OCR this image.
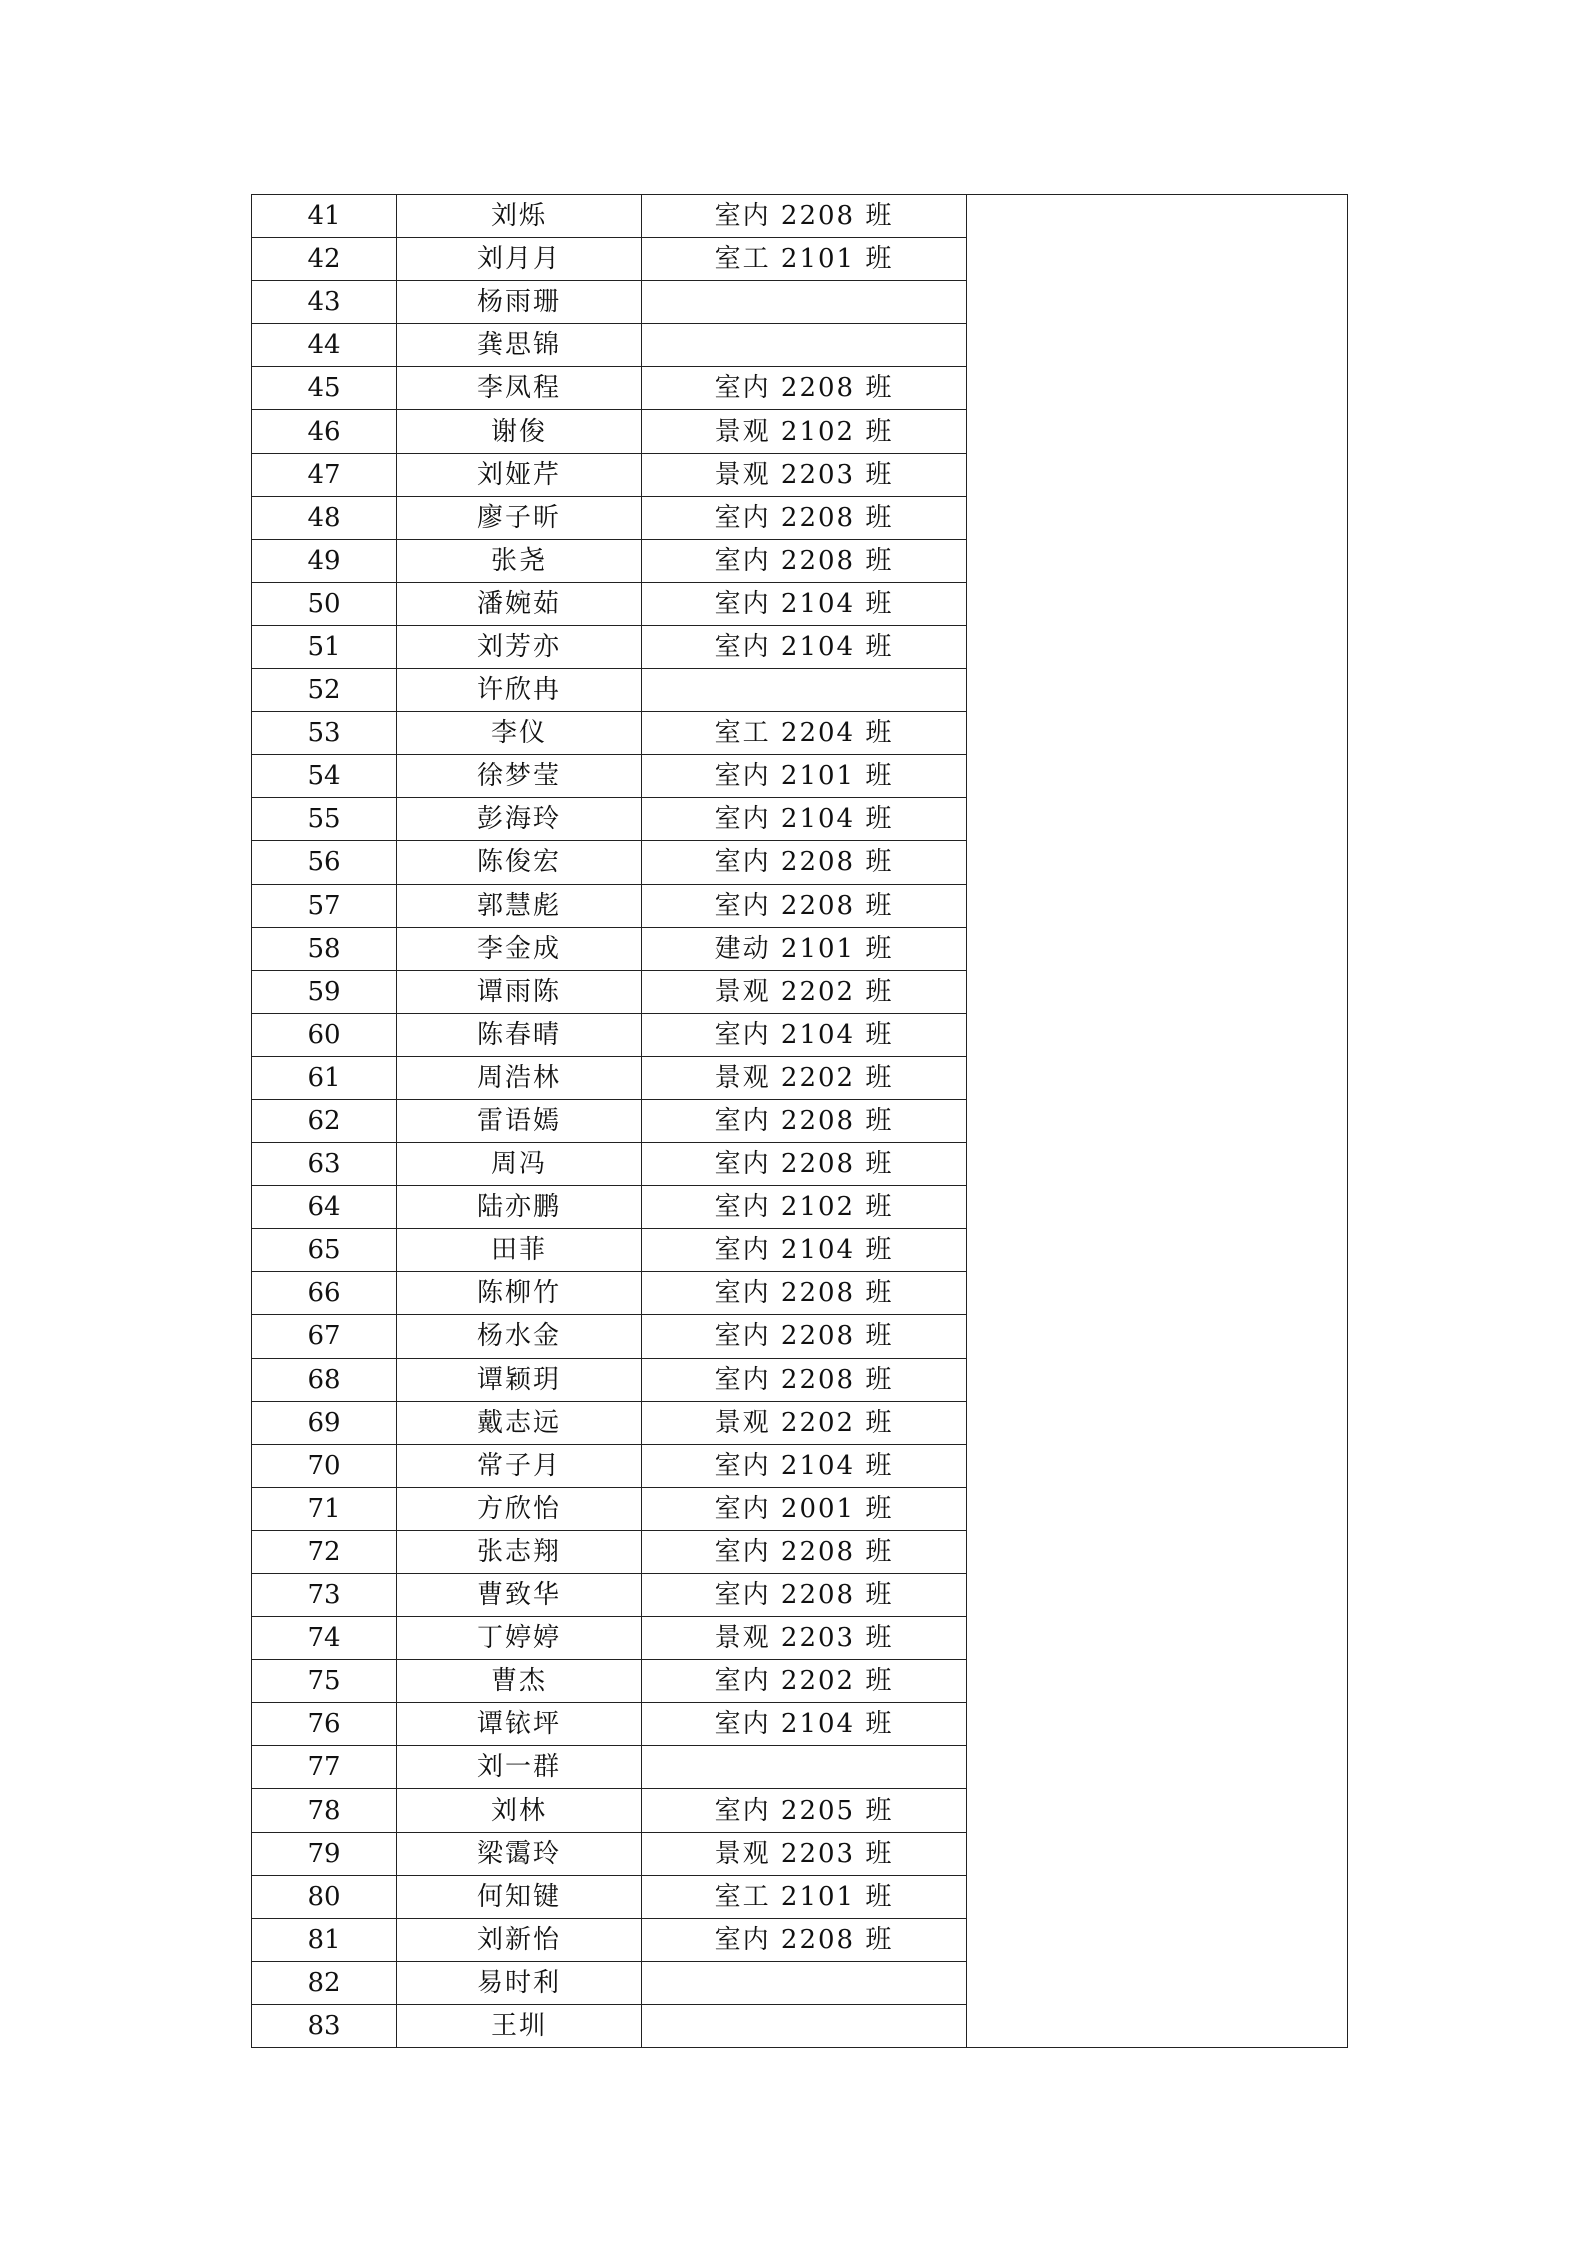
41	刘烁	室内 2208 班	
42	刘月月	室工 2101 班	
43	杨雨珊		
44	龚思锦		
45	李凤程	室内 2208 班	
46	谢俊	景观 2102 班	
47	刘娅芹	景观 2203 班	
48	廖子昕	室内 2208 班	
49	张尧	室内 2208 班	
50	潘婉茹	室内 2104 班	
51	刘芳亦	室内 2104 班	
52	许欣冉		
53	李仪	室工 2204 班	
54	徐梦莹	室内 2101 班	
55	彭海玲	室内 2104 班	
56	陈俊宏	室内 2208 班	
57	郭慧彪	室内 2208 班	
58	李金成	建动 2101 班	
59	谭雨陈	景观 2202 班	
60	陈春晴	室内 2104 班	
61	周浩林	景观 2202 班	
62	雷语嫣	室内 2208 班	
63	周冯	室内 2208 班	
64	陆亦鹏	室内 2102 班	
65	田菲	室内 2104 班	
66	陈柳竹	室内 2208 班	
67	杨水金	室内 2208 班	
68	谭颖玥	室内 2208 班	
69	戴志远	景观 2202 班	
70	常子月	室内 2104 班	
71	方欣怡	室内 2001 班	
72	张志翔	室内 2208 班	
73	曹致华	室内 2208 班	
74	丁婷婷	景观 2203 班	
75	曹杰	室内 2202 班	
76	谭铱坪	室内 2104 班	
77	刘一群		
78	刘林	室内 2205 班	
79	梁霭玲	景观 2203 班	
80	何知键	室工 2101 班	
81	刘新怡	室内 2208 班	
82	易时利		
83	王圳		
